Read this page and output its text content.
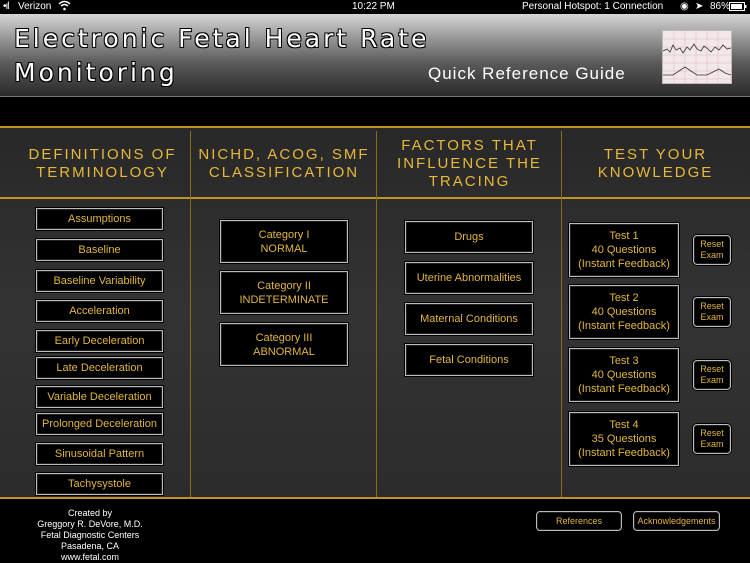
•ıl Verizon	10:22 PM	Personal Hotspot: 1 Connection ◉ ➤ 86%
Electronic Fetal Heart Rate
Monitoring	Quick Reference Guide
DEFINITIONS OF
TERMINOLOGY
NICHD, ACOG, SMF
CLASSIFICATION
FACTORS THAT
INFLUENCE THE
TRACING
TEST YOUR
KNOWLEDGE
Assumptions
Baseline
Baseline Variability
Acceleration
Early Deceleration
Late Deceleration
Variable Deceleration
Prolonged Deceleration
Sinusoidal Pattern
Tachysystole
Category I
NORMAL
Category II
INDETERMINATE
Category III
ABNORMAL
Drugs
Uterine Abnormalities
Maternal Conditions
Fetal Conditions
Test 1
40 Questions
(Instant Feedback)
Reset
Exam
Test 2
40 Questions
(Instant Feedback)
Reset
Exam
Test 3
40 Questions
(Instant Feedback)
Reset
Exam
Test 4
35 Questions
(Instant Feedback)
Reset
Exam
Created by
Greggory R. DeVore, M.D.
Fetal Diagnostic Centers
Pasadena, CA
www.fetal.com
References	Acknowledgements
